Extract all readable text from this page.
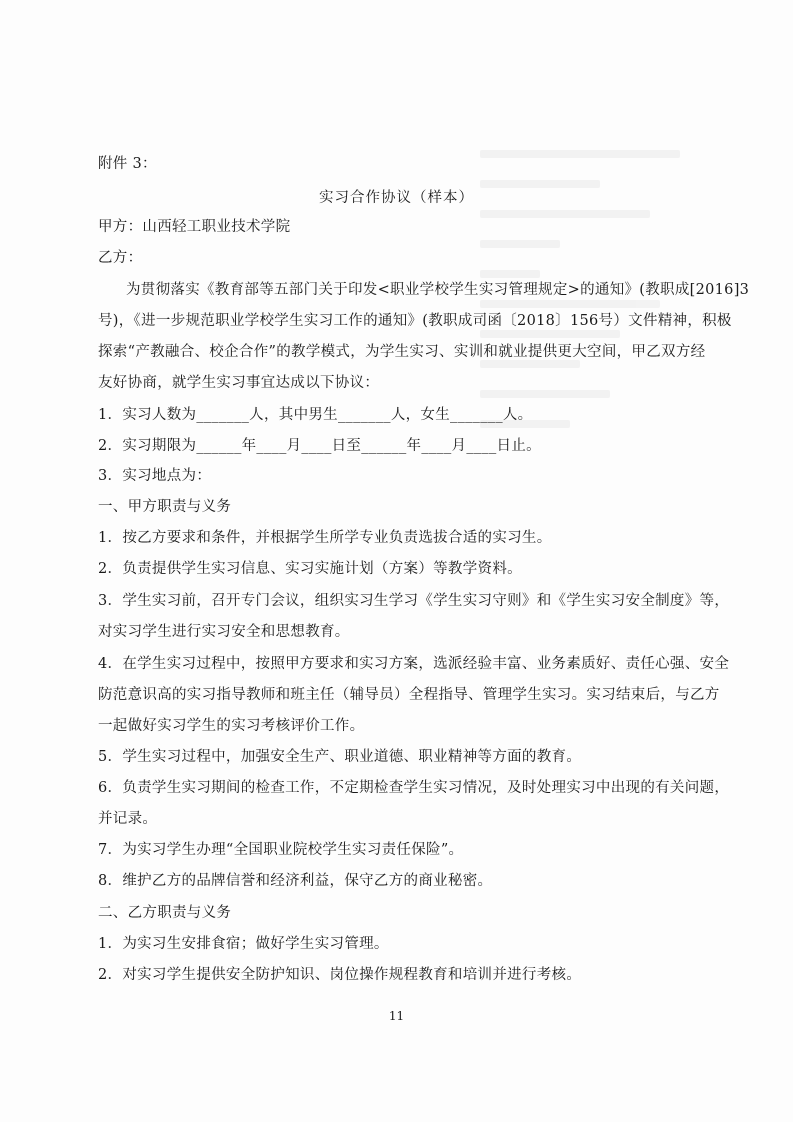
附件 3：
实习合作协议（样本）
甲方：山西轻工职业技术学院
乙方：
为贯彻落实《教育部等五部门关于印发<职业学校学生实习管理规定>的通知》(教职成[2016]3
号)，《进一步规范职业学校学生实习工作的通知》(教职成司函〔2018〕156号）文件精神，积极
探索“产教融合、校企合作”的教学模式，为学生实习、实训和就业提供更大空间，甲乙双方经
友好协商，就学生实习事宜达成以下协议：
1．实习人数为_______人，其中男生_______人，女生_______人。
2．实习期限为______年____月____日至______年____月____日止。
3．实习地点为：
一、甲方职责与义务
1．按乙方要求和条件，并根据学生所学专业负责选拔合适的实习生。
2．负责提供学生实习信息、实习实施计划（方案）等教学资料。
3．学生实习前，召开专门会议，组织实习生学习《学生实习守则》和《学生实习安全制度》等，
对实习学生进行实习安全和思想教育。
4．在学生实习过程中，按照甲方要求和实习方案，选派经验丰富、业务素质好、责任心强、安全
防范意识高的实习指导教师和班主任（辅导员）全程指导、管理学生实习。实习结束后，与乙方
一起做好实习学生的实习考核评价工作。
5．学生实习过程中，加强安全生产、职业道德、职业精神等方面的教育。
6．负责学生实习期间的检查工作，不定期检查学生实习情况，及时处理实习中出现的有关问题，
并记录。
7．为实习学生办理“全国职业院校学生实习责任保险”。
8．维护乙方的品牌信誉和经济利益，保守乙方的商业秘密。
二、乙方职责与义务
1．为实习生安排食宿；做好学生实习管理。
2．对实习学生提供安全防护知识、岗位操作规程教育和培训并进行考核。
11
